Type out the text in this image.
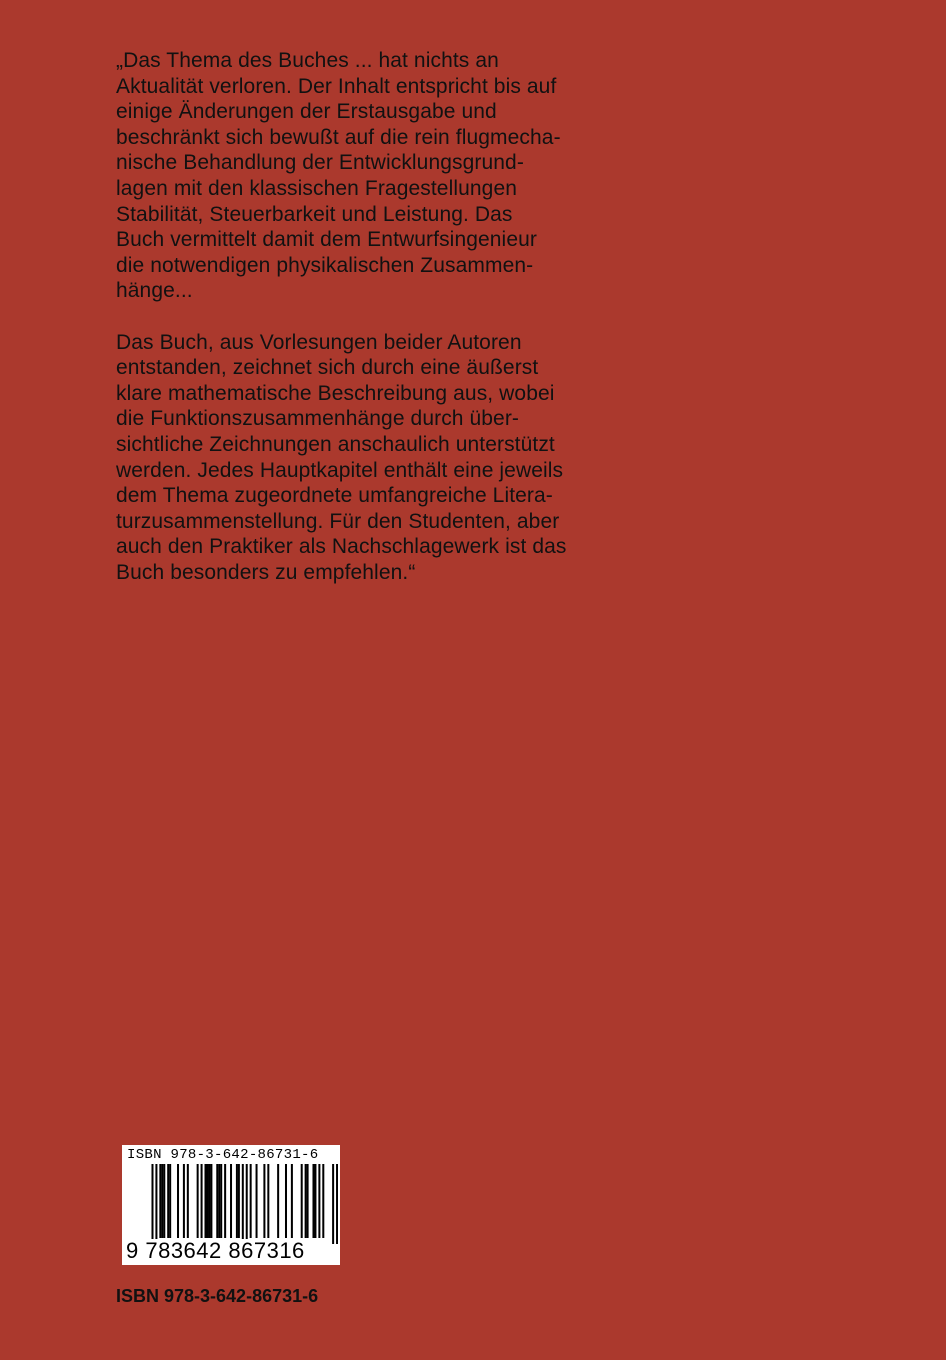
„Das Thema des Buches ... hat nichts an
Aktualität verloren. Der Inhalt entspricht bis auf
einige Änderungen der Erstausgabe und
beschränkt sich bewußt auf die rein flugmecha-
nische Behandlung der Entwicklungsgrund-
lagen mit den klassischen Fragestellungen
Stabilität, Steuerbarkeit und Leistung. Das
Buch vermittelt damit dem Entwurfsingenieur
die notwendigen physikalischen Zusammen-
hänge...
Das Buch, aus Vorlesungen beider Autoren
entstanden, zeichnet sich durch eine äußerst
klare mathematische Beschreibung aus, wobei
die Funktionszusammenhänge durch über-
sichtliche Zeichnungen anschaulich unterstützt
werden. Jedes Hauptkapitel enthält eine jeweils
dem Thema zugeordnete umfangreiche Litera-
turzusammenstellung. Für den Studenten, aber
auch den Praktiker als Nachschlagewerk ist das
Buch besonders zu empfehlen.“
ISBN 978-3-642-86731-6
9 783642 867316
ISBN 978-3-642-86731-6
